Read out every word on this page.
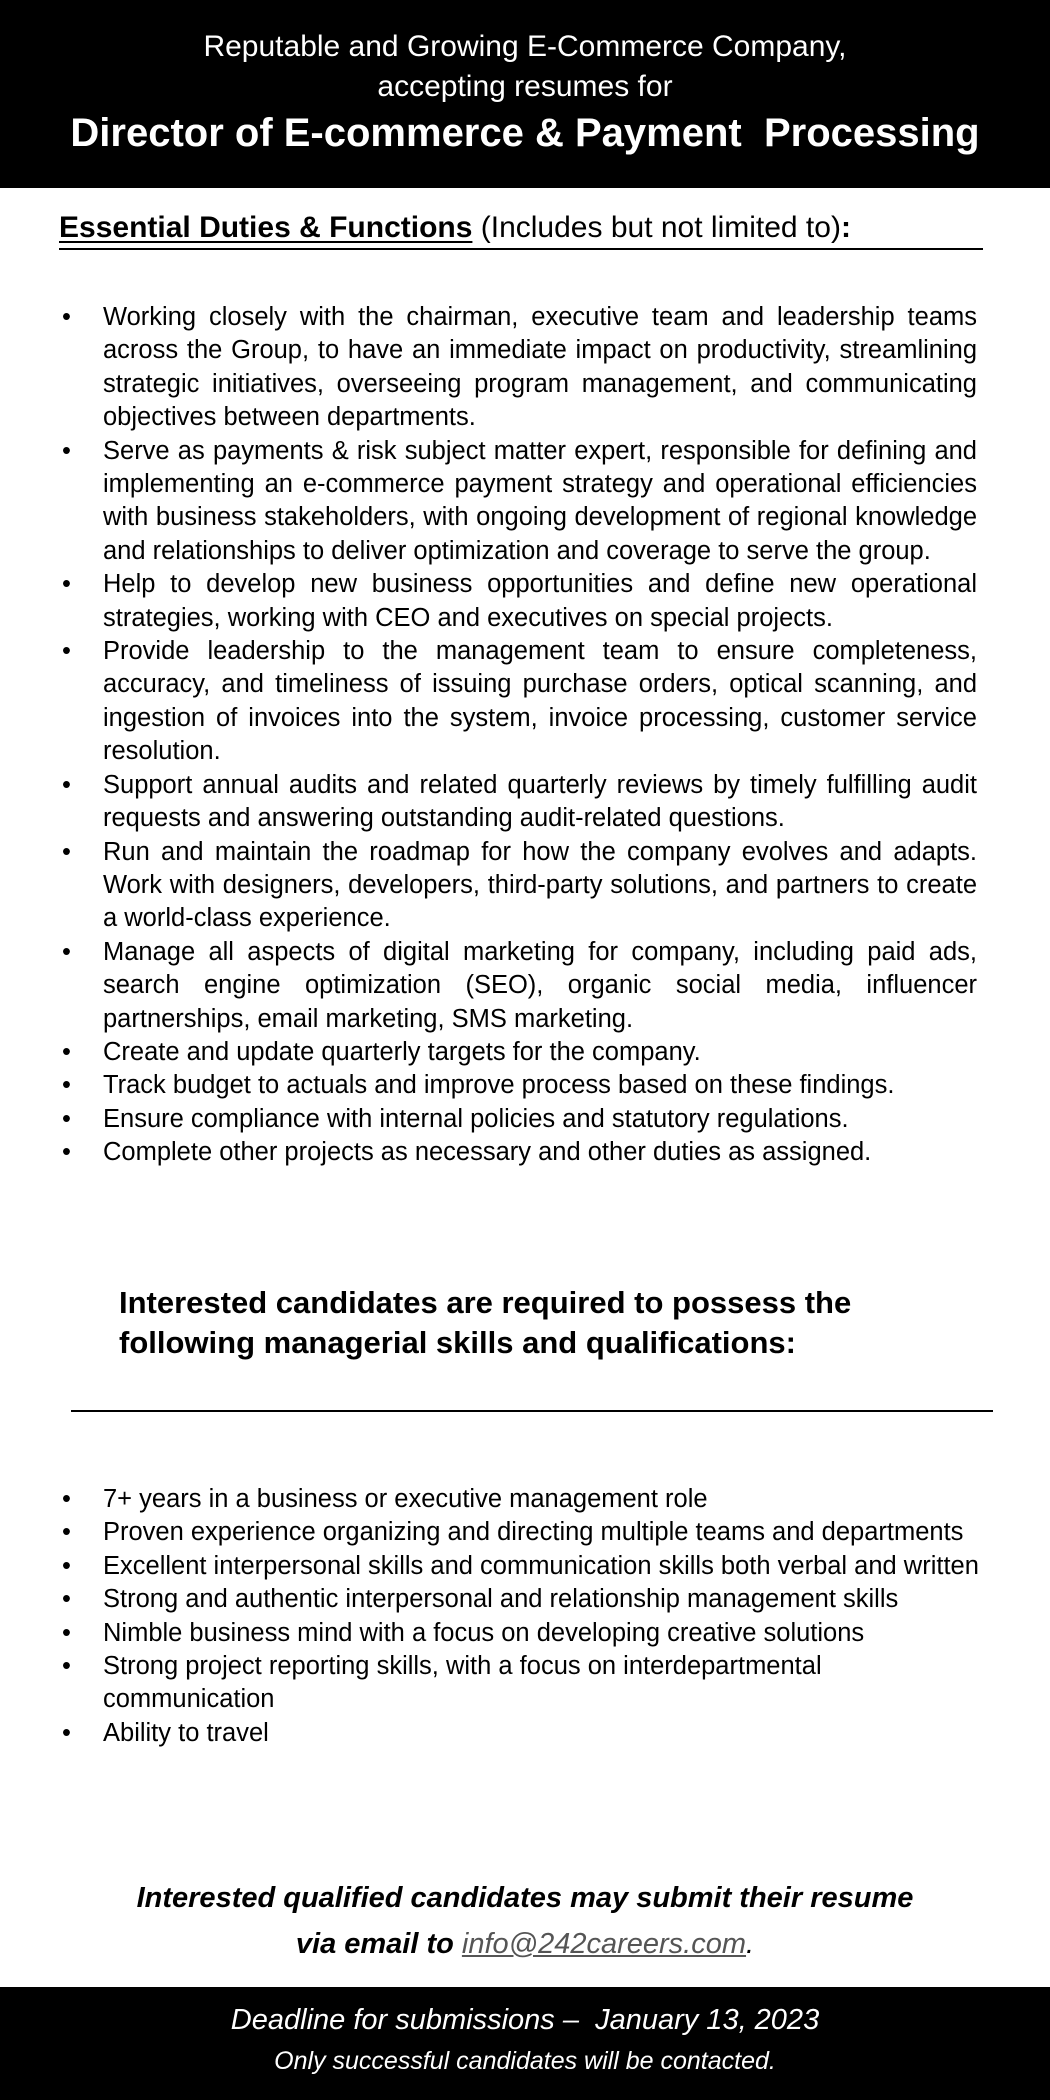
Reputable and Growing E-Commerce Company,
accepting resumes for
Director of E-commerce & Payment  Processing
Essential Duties & Functions (Includes but not limited to):
• Working closely with the chairman, executive team and leadership teams across the Group, to have an immediate impact on productivity, streamlining strategic initiatives, overseeing program management, and communicating objectives between departments.
• Serve as payments & risk subject matter expert, responsible for defining and implementing an e-commerce payment strategy and operational efficiencies with business stakeholders, with ongoing development of regional knowledge and relationships to deliver optimization and coverage to serve the group.
• Help to develop new business opportunities and define new operational strategies, working with CEO and executives on special projects.
• Provide leadership to the management team to ensure completeness, accuracy, and timeliness of issuing purchase orders, optical scanning, and ingestion of invoices into the system, invoice processing, customer service resolution.
• Support annual audits and related quarterly reviews by timely fulfilling audit requests and answering outstanding audit-related questions.
• Run and maintain the roadmap for how the company evolves and adapts. Work with designers, developers, third-party solutions, and partners to create a world-class experience.
• Manage all aspects of digital marketing for company, including paid ads, search engine optimization (SEO), organic social media, influencer partnerships, email marketing, SMS marketing.
• Create and update quarterly targets for the company.
• Track budget to actuals and improve process based on these findings.
• Ensure compliance with internal policies and statutory regulations.
• Complete other projects as necessary and other duties as assigned.
Interested candidates are required to possess the
following managerial skills and qualifications:
• 7+ years in a business or executive management role
• Proven experience organizing and directing multiple teams and departments
• Excellent interpersonal skills and communication skills both verbal and written
• Strong and authentic interpersonal and relationship management skills
• Nimble business mind with a focus on developing creative solutions
• Strong project reporting skills, with a focus on interdepartmental communication
• Ability to travel
Interested qualified candidates may submit their resume
via email to info@242careers.com.
Deadline for submissions –  January 13, 2023
Only successful candidates will be contacted.
